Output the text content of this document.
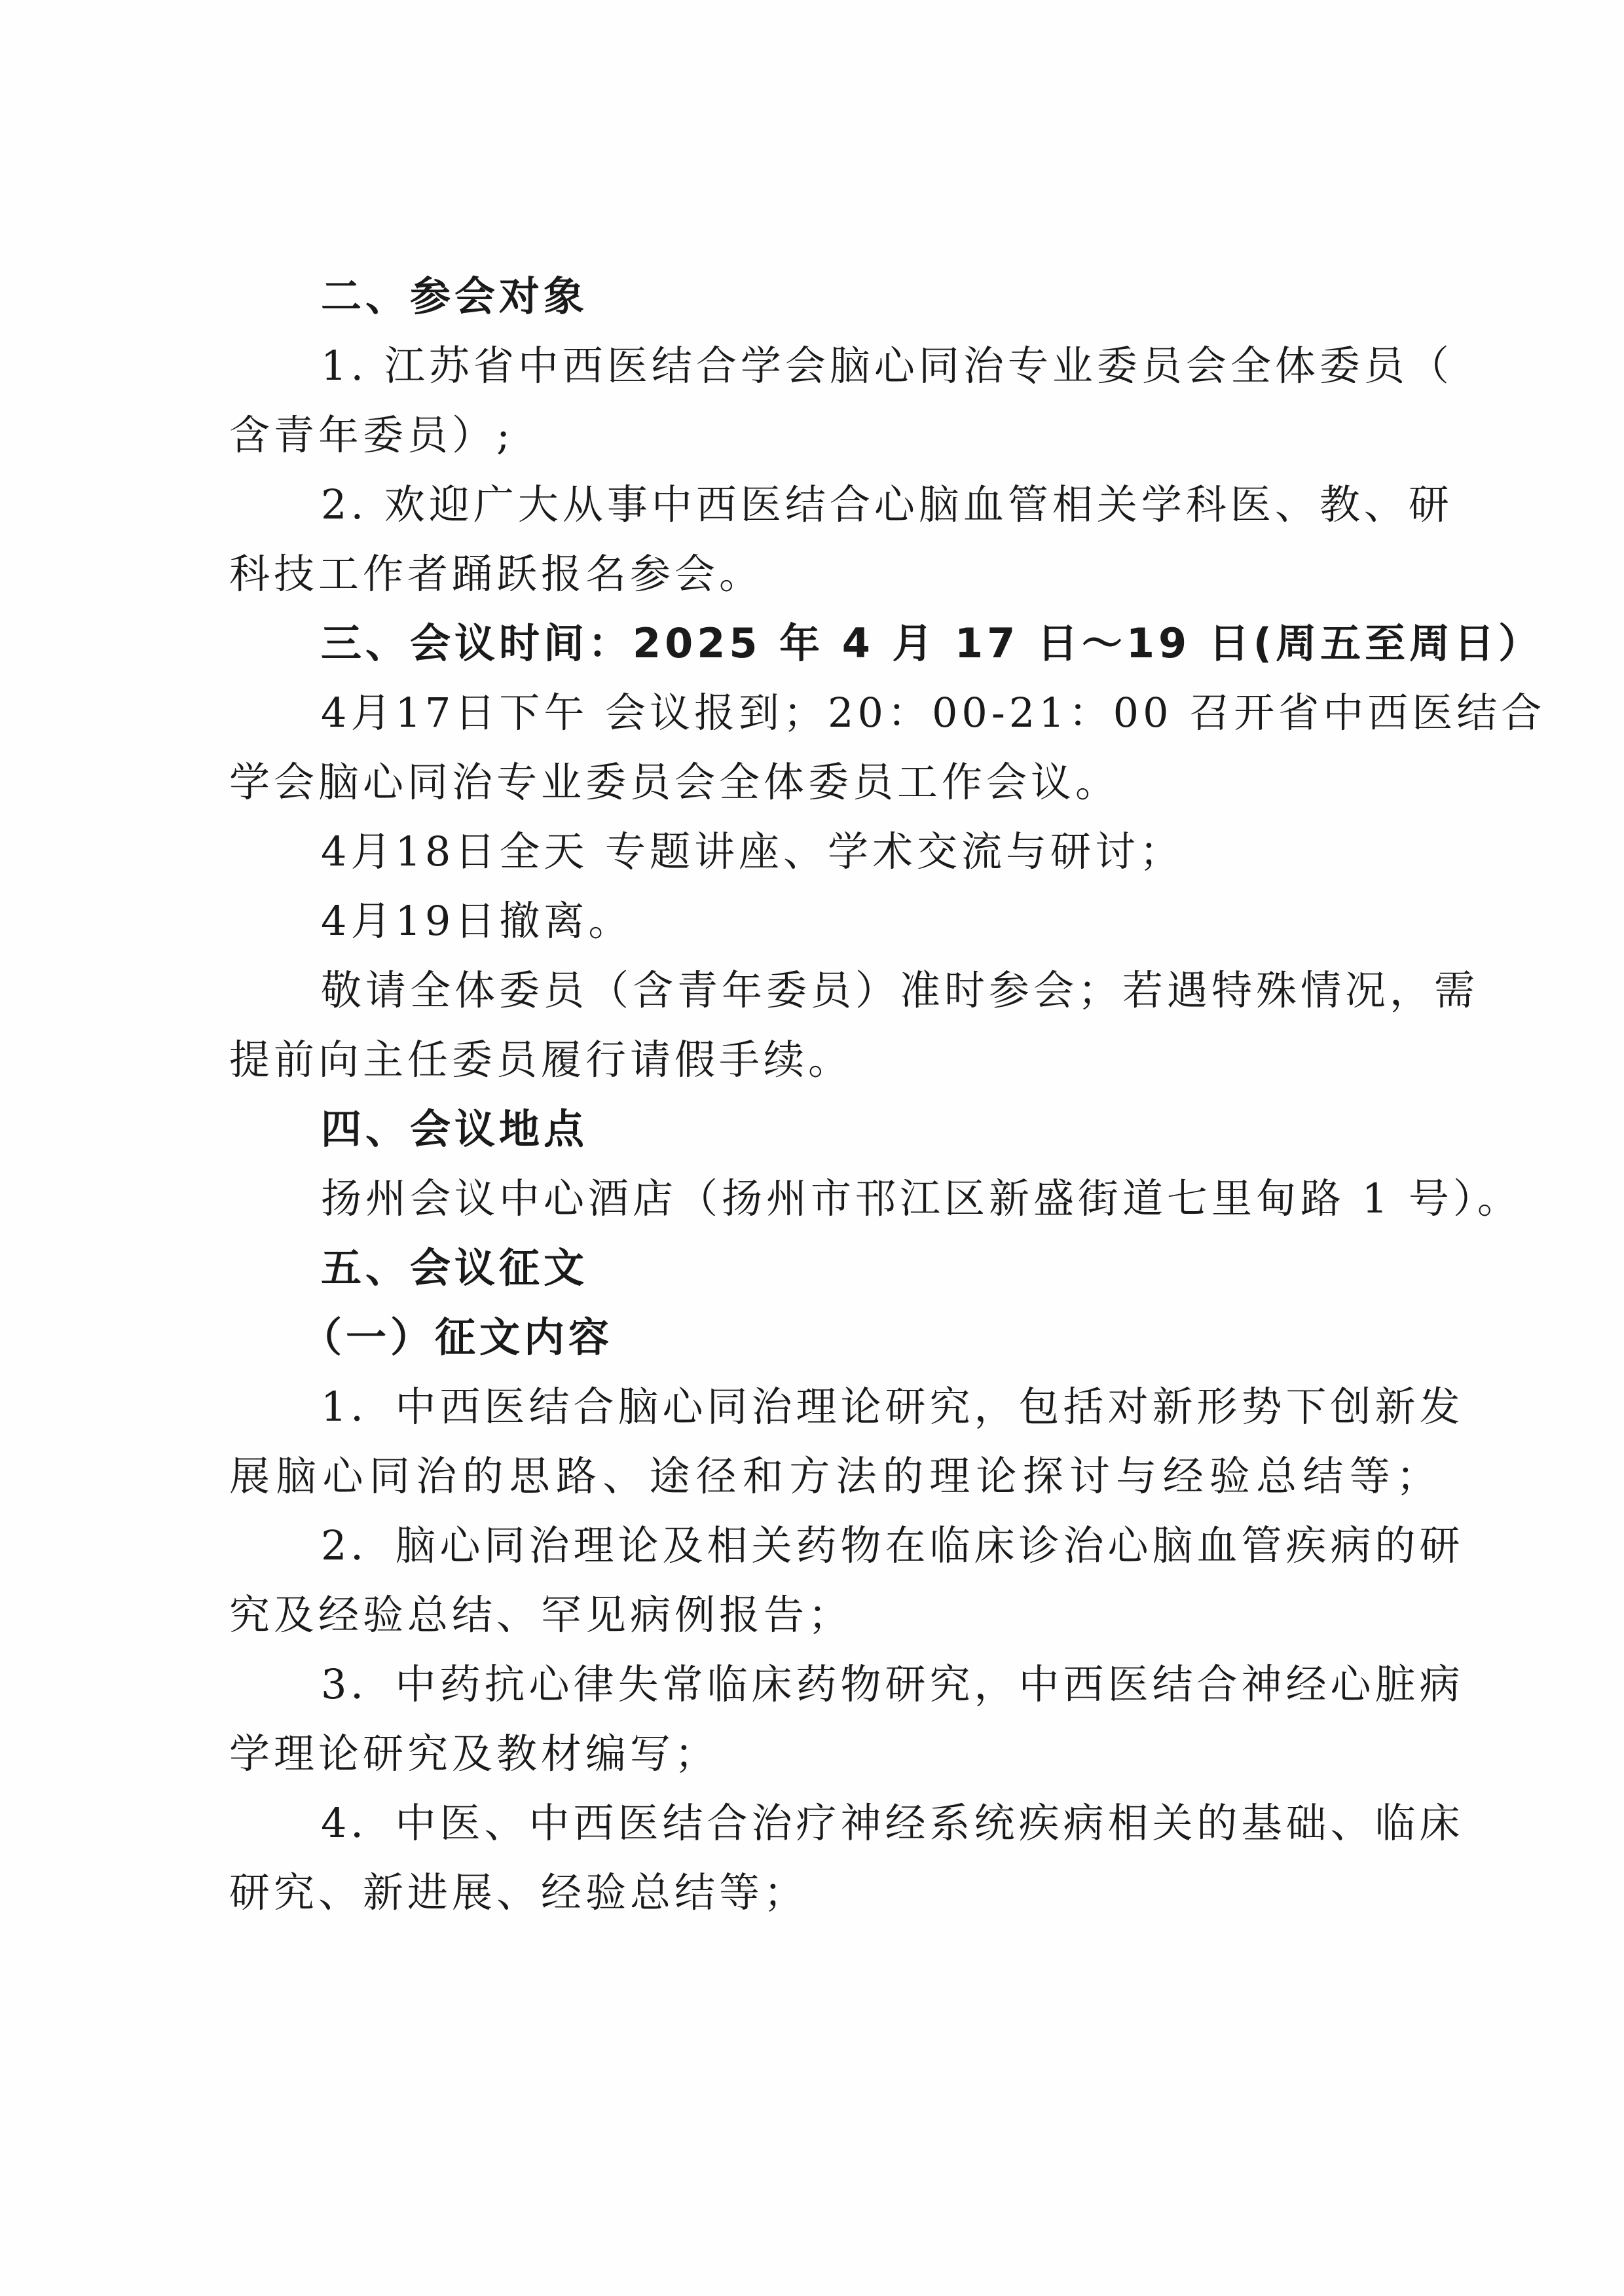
二、参会对象
1. 江苏省中西医结合学会脑心同治专业委员会全体委员（
含青年委员）;
2. 欢迎广大从事中西医结合心脑血管相关学科医、教、研
科技工作者踊跃报名参会。
三、会议时间：2025 年 4 月 17 日～19 日(周五至周日）
4月17日下午 会议报到；20：00-21：00 召开省中西医结合
学会脑心同治专业委员会全体委员工作会议。
4月18日全天 专题讲座、学术交流与研讨；
4月19日撤离。
敬请全体委员（含青年委员）准时参会；若遇特殊情况，需
提前向主任委员履行请假手续。
四、会议地点
扬州会议中心酒店（扬州市邗江区新盛街道七里甸路 1 号）。
五、会议征文
（一）征文内容
1．中西医结合脑心同治理论研究，包括对新形势下创新发
展脑心同治的思路、途径和方法的理论探讨与经验总结等；
2．脑心同治理论及相关药物在临床诊治心脑血管疾病的研
究及经验总结、罕见病例报告；
3．中药抗心律失常临床药物研究，中西医结合神经心脏病
学理论研究及教材编写；
4．中医、中西医结合治疗神经系统疾病相关的基础、临床
研究、新进展、经验总结等；
